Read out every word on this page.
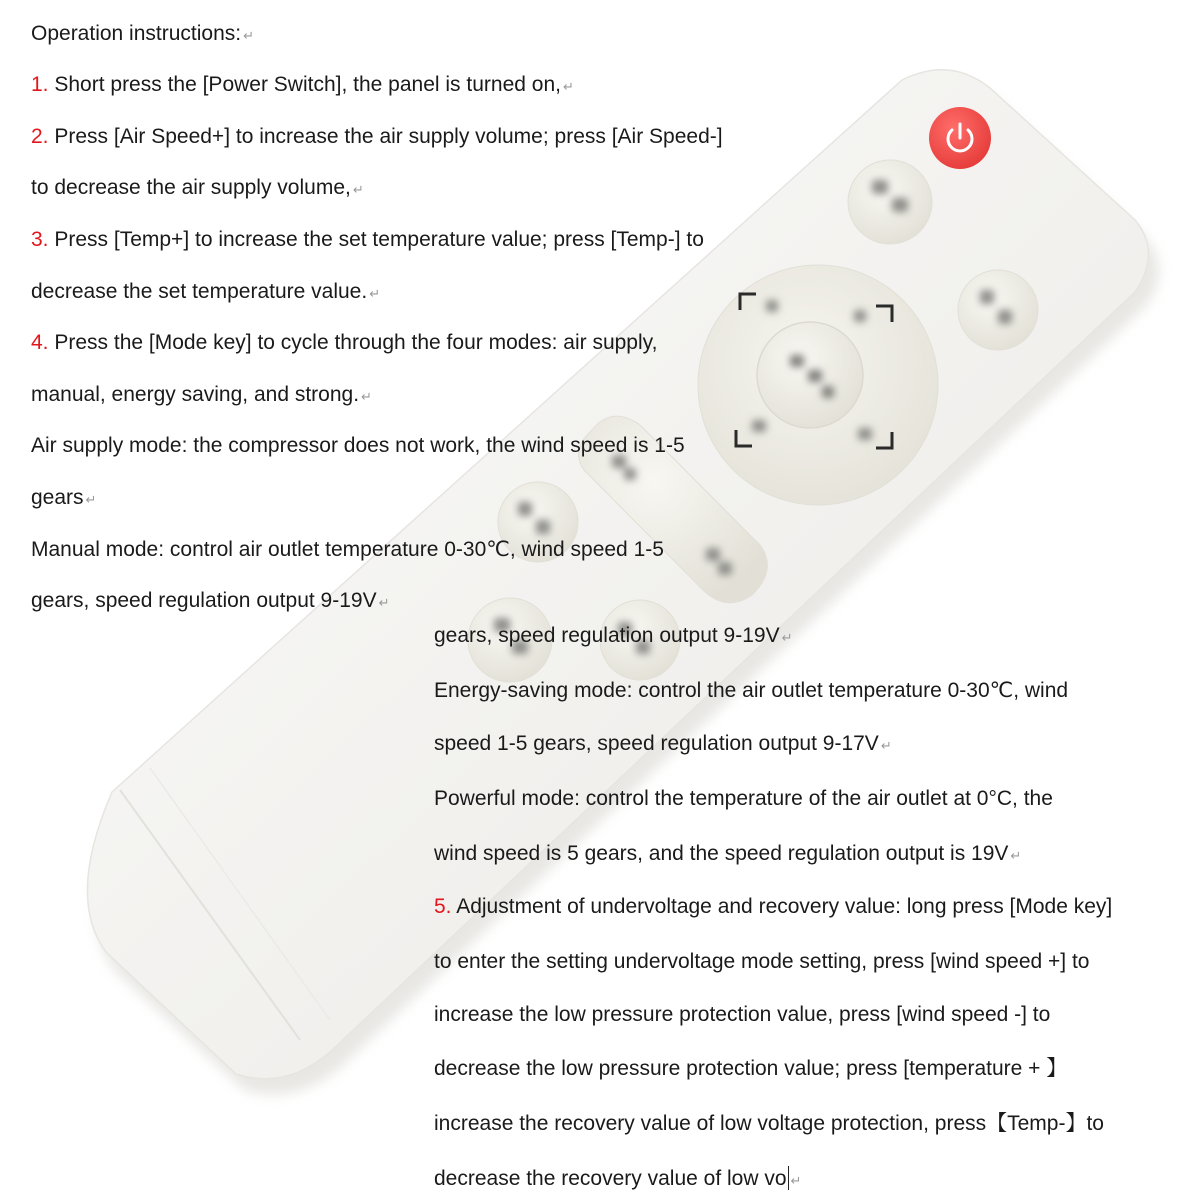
Operation instructions: ↵
1. Short press the [Power Switch], the panel is turned on, ↵
2. Press [Air Speed+] to increase the air supply volume; press [Air Speed-]
to decrease the air supply volume, ↵
3. Press [Temp+] to increase the set temperature value; press [Temp-] to
decrease the set temperature value. ↵
4. Press the [Mode key] to cycle through the four modes: air supply,
manual, energy saving, and strong. ↵
Air supply mode: the compressor does not work, the wind speed is 1-5
gears ↵
Manual mode: control air outlet temperature 0-30℃, wind speed 1-5
gears, speed regulation output 9-19V ↵
gears, speed regulation output 9-19V ↵
Energy-saving mode: control the air outlet temperature 0-30℃, wind
speed 1-5 gears, speed regulation output 9-17V ↵
Powerful mode: control the temperature of the air outlet at 0°C, the
wind speed is 5 gears, and the speed regulation output is 19V ↵
5. Adjustment of undervoltage and recovery value: long press [Mode key]
to enter the setting undervoltage mode setting, press [wind speed +] to
increase the low pressure protection value, press [wind speed -] to
decrease the low pressure protection value; press [temperature + 】
increase the recovery value of low voltage protection, press【Temp-】to
decrease the recovery value of low vo ↵
